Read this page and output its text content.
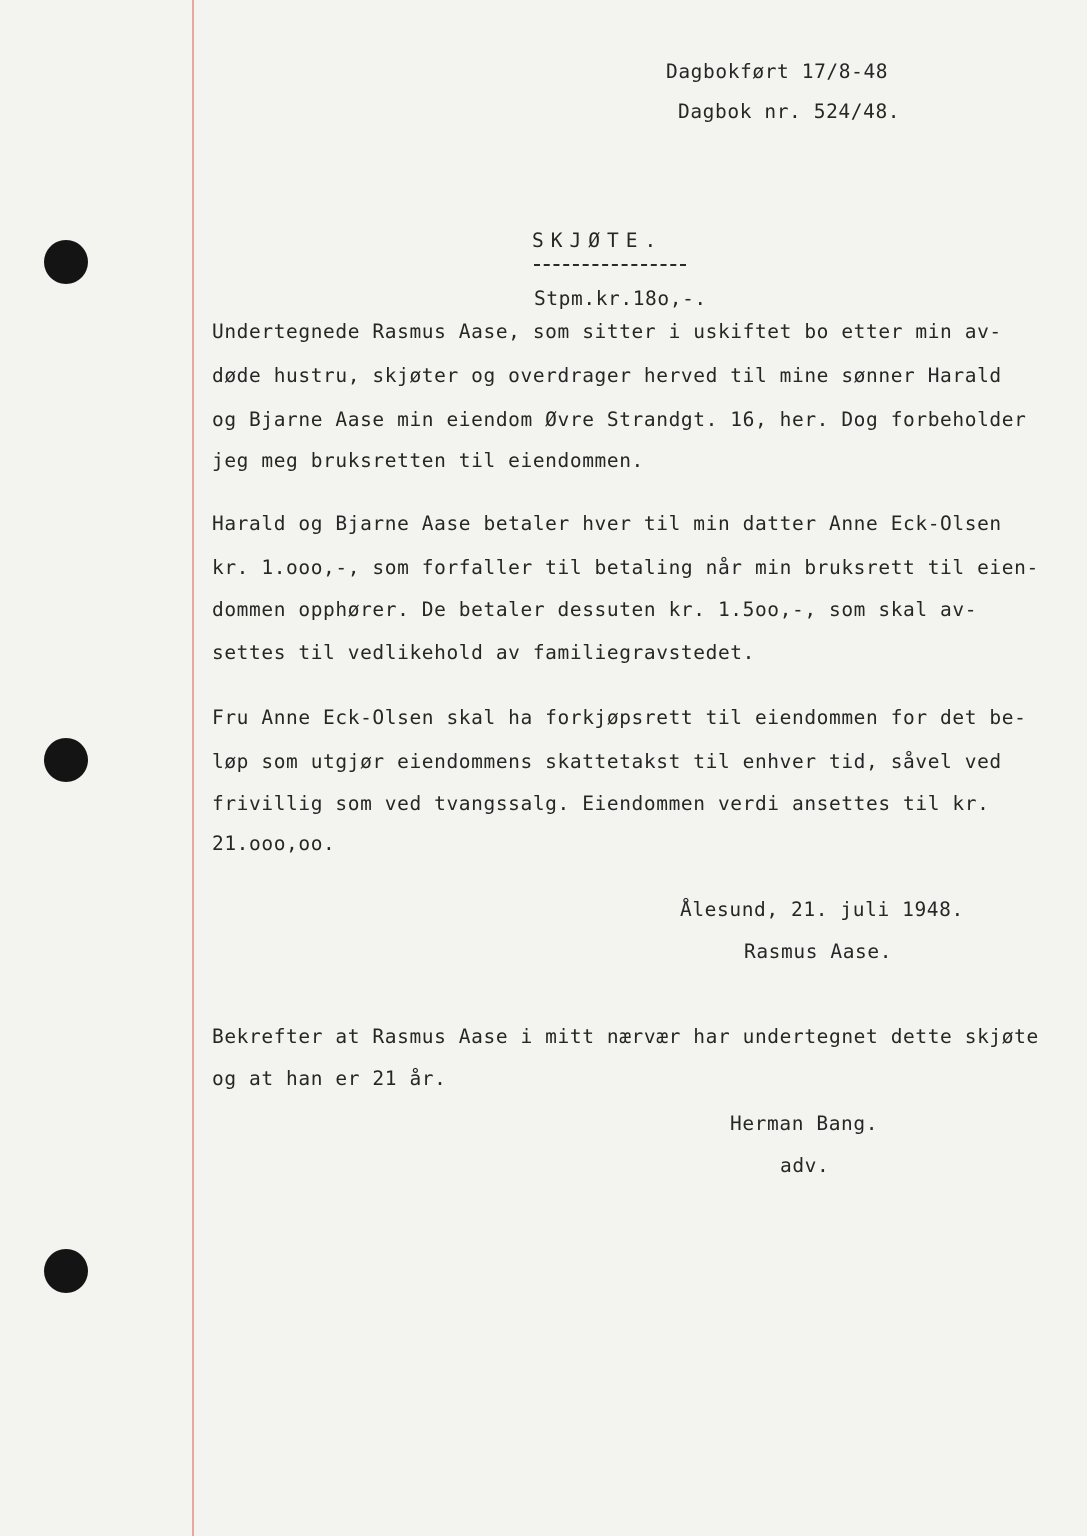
Dagbokført 17/8-48
Dagbok nr. 524/48.
SKJØTE.
Stpm.kr.18o,-.
Undertegnede Rasmus Aase, som sitter i uskiftet bo etter min av-
døde hustru, skjøter og overdrager herved til mine sønner Harald
og Bjarne Aase min eiendom Øvre Strandgt. 16, her. Dog forbeholder
jeg meg bruksretten til eiendommen.
Harald og Bjarne Aase betaler hver til min datter Anne Eck-Olsen
kr. 1.ooo,-, som forfaller til betaling når min bruksrett til eien-
dommen opphører. De betaler dessuten kr. 1.5oo,-, som skal av-
settes til vedlikehold av familiegravstedet.
Fru Anne Eck-Olsen skal ha forkjøpsrett til eiendommen for det be-
løp som utgjør eiendommens skattetakst til enhver tid, såvel ved
frivillig som ved tvangssalg. Eiendommen verdi ansettes til kr.
21.ooo,oo.
Ålesund, 21. juli 1948.
Rasmus Aase.
Bekrefter at Rasmus Aase i mitt nærvær har undertegnet dette skjøte
og at han er 21 år.
Herman Bang.
adv.
